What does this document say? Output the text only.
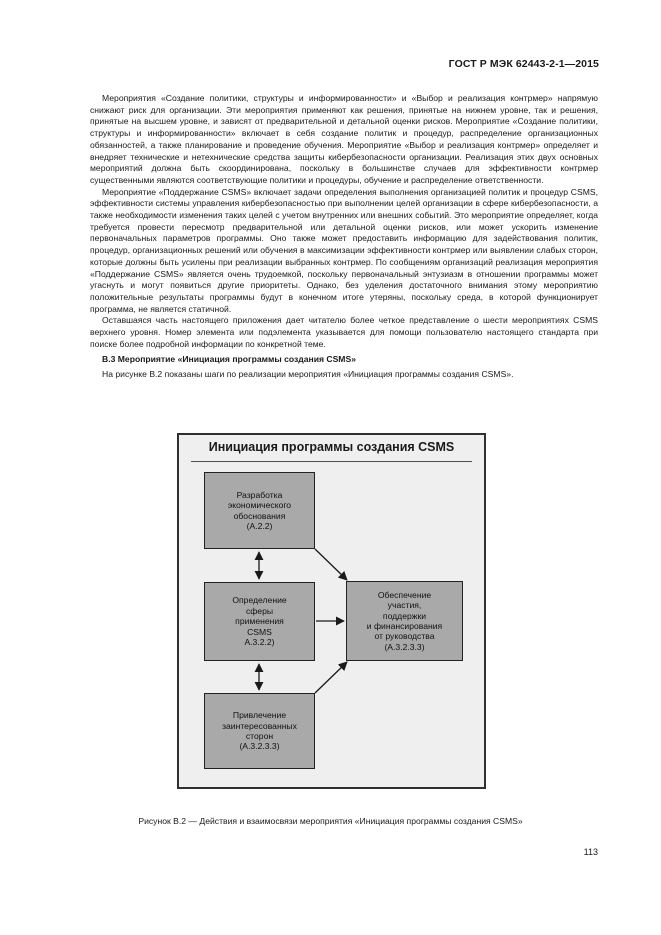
ГОСТ Р МЭК 62443-2-1—2015

Мероприятия «Создание политики, структуры и информированности» и «Выбор и реализация контрмер» напрямую снижают риск для организации. Эти мероприятия применяют как решения, принятые на нижнем уровне, так и решения, принятые на высшем уровне, и зависят от предварительной и детальной оценки рисков. Мероприятие «Создание политики, структуры и информированности» включает в себя создание политик и процедур, распределение организационных обязанностей, а также планирование и проведение обучения. Мероприятие «Выбор и реализация контрмер» определяет и внедряет технические и нетехнические средства защиты кибербезопасности организации. Реализация этих двух основных мероприятий должна быть скоординирована, поскольку в большинстве случаев для эффективности контрмер существенными являются соответствующие политики и процедуры, обучение и распределение ответственности.

Мероприятие «Поддержание CSMS» включает задачи определения выполнения организацией политик и процедур CSMS, эффективности системы управления кибербезопасностью при выполнении целей организации в сфере кибербезопасности, а также необходимости изменения таких целей с учетом внутренних или внешних событий. Это мероприятие определяет, когда требуется провести пересмотр предварительной или детальной оценки рисков, или может ускорить изменение первоначальных параметров программы. Оно также может предоставить информацию для задействования политик, процедур, организационных решений или обучения в максимизации эффективности контрмер или выявлении слабых сторон, которые должны быть усилены при реализации выбранных контрмер. По сообщениям организаций реализация мероприятия «Поддержание CSMS» является очень трудоемкой, поскольку первоначальный энтузиазм в отношении программы может угаснуть и могут появиться другие приоритеты. Однако, без уделения достаточного внимания этому мероприятию положительные результаты программы будут в конечном итоге утеряны, поскольку среда, в которой функционирует программа, не является статичной.

Оставшаяся часть настоящего приложения дает читателю более четкое представление о шести мероприятиях CSMS верхнего уровня. Номер элемента или подэлемента указывается для помощи пользователю настоящего стандарта при поиске более подробной информации по конкретной теме.

В.3 Мероприятие «Инициация программы создания CSMS»

На рисунке В.2 показаны шаги по реализации мероприятия «Инициация программы создания CSMS».

Инициация программы создания CSMS
Разработка
экономического
обоснования
(А.2.2)
Определение
сферы
применения
CSMS
А.3.2.2)
Привлечение
заинтересованных
сторон
(А.3.2.3.3)
Обеспечение
участия,
поддержки
и финансирования
от руководства
(А.3.2.3.3)
Рисунок В.2 — Действия и взаимосвязи мероприятия «Инициация программы создания CSMS»
113
